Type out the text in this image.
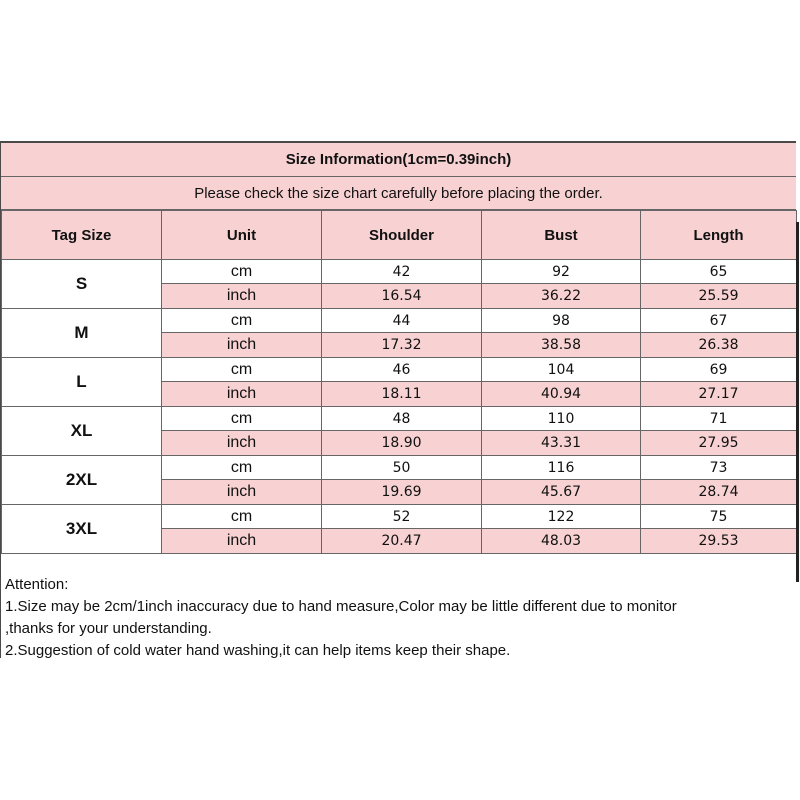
Size Information(1cm=0.39inch)
Please check the size chart carefully before placing the order.
Tag Size	Unit	Shoulder	Bust	Length
S	cm	42	92	65
	inch	16.54	36.22	25.59
M	cm	44	98	67
	inch	17.32	38.58	26.38
L	cm	46	104	69
	inch	18.11	40.94	27.17
XL	cm	48	110	71
	inch	18.90	43.31	27.95
2XL	cm	50	116	73
	inch	19.69	45.67	28.74
3XL	cm	52	122	75
	inch	20.47	48.03	29.53
Attention:
1.Size may be 2cm/1inch inaccuracy due to hand measure,Color may be little different due to monitor
,thanks for your understanding.
2.Suggestion of cold water hand washing,it can help items keep their shape.
